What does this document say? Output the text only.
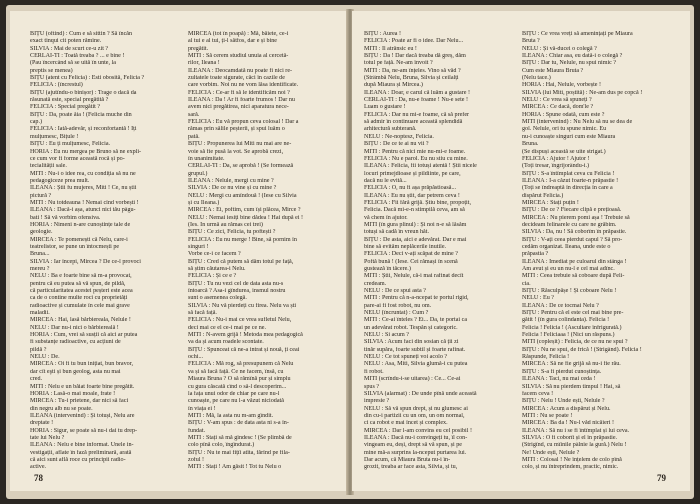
BIȚU (oftind) : Cum e să sittin ? Să încăn
exact tinqui cit poten rămîne.
SILVIA : Mai de scurt ce-u zit ?
CERLAI-TI : Toată treaba ? ... e bine !
(Pau încercând să se uită în unte, la
preptis se menea)
BIȚU (atent cu Felicia) : Esti obosită, Felicia ?
FELICIA : (încrestul)
BIȚU (ajutîndu-o binișor) : Trage o dacă da
răsunată este, special pregătită ?
FELICIA : Special pregătit ?
BIȚU : Da, poate ăia ! (Felicia muche din
cap.)
FELICIA : Iată-adevăr, și reconfortantă ! Îți
mulțumesc, Bițule !
BIȚU : Eu ți mulțumesc, Felicia.
HORIA : Eu nu mergea pe Bruno să ne expli-
ce cum vor fi forme această rocă și po-
tecialității sale.
MITI : Nu-i o idee rea, cu condiția să nu ne
pedagogiceze prea mult.
ILEANA : Știi fu mujeres, Miti ! Ce, nu știi
pictură ?
MITI : Nu totdeauna ! Nemai cînd vorbești !
ILEANA : Dacă-i așa, atunci nici tău pâgu-
bati ! Să vă vorbim ofensiva.
HORIA : Nimeni n-are cunoștințe tale de
geologie.
MIRCEA : Te pomenești că Nelu, care-i
teatrelistor, se pune un întocmești pe
Bruna...
SILVIA : Iar începi, Mircea ? De ce-l provoci
mereu ?
NELU : Ba e foarte bine să m-a provocat,
pentru că eu putea să vă spun, de pildă,
că particularitatea acestei peșteri este acea
ca de o contine multe roci cu proprietăți
radioactive și cumulate în cele mai grave
maladii.
MIRCEA : Hai, lasă bărbiereala, Nelule !
NELU : Dar nu-i nici o bărbiereală !
HORIA : Cum, vrei să susții că aici ar putea
fi substanțe radioactive, cu acțiuni de
pildă ?
NELU : De.
MIRCEA : Oi fi tu bun inițiat, bun bravor,
dar cît eşti și bun geolog, asta nu mai
cred.
MITI : Nelu e un băiat foarte bine pregătit.
HORIA : Lasă-o mai moale, frate !
MIRCEA : Tu-i prietene, dar nici să faci
din negru alb nu se poate.
ILEANA (intervenind) : Și totuși, Nelu are
dreptate !
HORIA : Sigur, se poate să nu-i dai tu drep-
tate lui Nelu ?
ILEANA : Nelu e bine informat. Unele in-
vestigații, aflate în fază preliminară, arată
că aici sunt află roce cu principii radio-
active.
MIRCEA (tot în poapă) : Mă, băiete, ce-i
al tui e al tui, ți-l sătfos, dar e și bine
pregătit.
MITI : Să cerem studiul unuia al cercetă-
rilor, Ileana !
ILEANA : Deocamdată nu poate fi nici re-
zultatele toate sigurate, căci în cazile de
care vorbim. Noi nu ne vom lăsa identificate.
FELICIA : Ce-ar fi să le identificăm noi ?
ILEANA : Da ! Ar fi foarte frumos ! Dar nu
avem nici pregătirea, nici aparatura nece-
sară.
FELICIA : Eu vă propun ceva colosal ! Dar a
rămas prin sălile peșterii, și spui luăm o
pată.
BIȚU : Propunerea lui Miti nu mai are ne-
voie să fie pusă la vot. Se aprobă crezi,
în unanimitate.
CERLAI-TI : Da, se aprobă ! (Se formează
grupul.)
ILEANA : Nelule, mergi cu mine ?
SILVIA : De ce nu vine și cu mine ?
NELU : Mergi cu amîndouă ! (Iese cu Silvia
și cu Ileana.)
MIRCEA : Ei, poftim, cum își plăcea, Mirce ?
NELU : Nemai iesiți bine dădea ! Hai după ei !
(Ies. În urmă au rămas cei trei)
BIȚU : Ce zici, Felicia, tu poftești ?
FELICIA : Eu nu merge ! Bine, să pornim în
singuri !
Vorbe ce-i ce facem ?
BIȚU : Cred că putem să dăm totul pe față,
să știm căutarea-i Nelu.
FELICIA : Și ce e ?
BIȚU : Tu nu vezi cel de data asta nu-s
întoarcă ? Asa-i gîndurea, insmul nostru
sunt o asemenea colegă.
SILVIA : Nu vă pierdeți cu firea. Nelu va ști
să facă față.
FELICIA : Nu-i mai ce vrea sufletul Nelu,
deci mai ce el ce-i mai pe ce ne.
MITI : N-avem grijă ! Metoda mea pedagogică
va da și acum roadele scontate.
BIȚU : Spunceat că ne-a intrat și nouă, ți ceai
ochi...
FELICIA : Mă rog, să presupunem că Nelu
va și să facă față. Ce ne facem, însă, cu
Miaura Bruna ? O să rămînă pur și simplu
cu gura căscată cînd o să-l descoperim...
la fața unui odor de chiar pe care nu-l
cunoaște, pe care nu l-a văzut niciodată
în viața ei !
MITI : Mă, la asta nu m-am gîndit.
BIȚU : V-am spus : de data asta ni s-a în-
fundat.
MITI : Stați să mă gîndesc ! (Se plimbă de
colo pînă colo, îngîndurat.)
BIȚU : Nu te mai fițîi atîta, fărînd pe fila-
zoful !
MITI : Stați ! Am găsit ! Tot tu Nelu o
78
BIȚU : Aurea !
FELICIA : Poate ar fi o idee. Dar Nelu...
MITI : Il atrănsic eu !
BIȚU : Da ! Dar dacă treaba dă greș, dăm
totul pe față. Ne-am învoit ?
MITI : Da, ne-am înțeles. Vino să văd ?
(Strâmbă Nelu, Bruna, Silvia și ceilalți
după Miaura și Mircea.)
ILEANA : Doar, e carul că luăm a gustare !
CERLAI-TI : Da, nu-e foame ! Nu-e sete !
Luam o gustare !
FELICIA : Dar nu mi-e foame, că să prefer
să admir în continuare această splendidă
arhitectură subterană.
NELU : Ne-noptesz, Felicia.
BIȚU : De ce te ai nu vii ?
MITI : Pentru că nici mie nu-mi-e foame.
FELICIA : Nu e parol. Eu nu stiu cu mine.
ILEANA : Felicia, fii totuși atentă ! Știi nicele
locuri primejdioase și pildiinte, pe care,
dacă nu le evită...
FELICIA : O, nu fi așa prăpăstioasă...
ILEANA : Eu nu știt, dar petrem ceva !
FELICIA : Fii fără grijă. Știu bine, propoțit,
Felicia. Dacă mi-e-n stimpilă ceva, am să
vă chem în ajutor.
MITI (în gura plinul) : Și noi n-e să lăsăm
totuși să cadă în vreun hăt.
BIȚU : De asta, aici e adevărat. Dar e mai
bine să evităm neplăcerile inutile.
FELICIA : Deci v-ați scăpat de mine ?
Poftă bună ! (Iese. Cei rămași în scenă
gustează în tăcere.)
MITI : Știi, Nelule, că-i mai rafinat decît
credeam.
NELU : De ce spui asta ?
MITI : Pentru că n-a-ncepat te portul rigid,
pare-ai fi fost robot, nu om.
NELU (încruntat) : Cum ?
MITI : Ce-ai înteles ? Ei... Da, te portai ca
un adevărat robot. Tespăn și categoric.
NELU : Si acum ?
SILVIA : Acum faci din sosian că ții zi
tinăr supăra, foarte subtil și foarte rafinat.
NELU : Ce tot spuneți voi acolo ?
NELU : Asa, Miti, Silvia glumă-i cu putea
fi robot.
MITI (scrîndu-i-se uitarea) : Ce... Ce-ai
spus ?
SILVIA (alarmat) : De unde pînă unde această
impresie ?
NELU : Să vă spun drept, și nu glumesc ai
din cu-i partizii cu un om, un om normal,
ci ca robot e mai încet și complex.
MIRCEA : Dar l-am convins eu cel posibil !
ILEANA : Dacă nu-i convingeți tu, îl con-
vingeam eu, deși, drept să vă spun, și pe
mine mă-a surprins la-nceput purtarea lui.
Dar acum, că Miaura Bruta nu-i în-
grozit, treaba ar face asta, Silvia, și tu,
BIȚU : Ce vrea vreți să amenințați pe Miaura
Bruta ?
NELU : Și vă-ducei o colegă ?
ILEANA : Chiar asa, eu dată-i o colegă ?
BIȚU : Dar tu, Nelule, nu spui nimic ?
Cum este Miaura Bruta ?
(Nelu tace.)
HORIA : Hai, Nelule, vorbește !
SILVIA (lui Miti, poștită) : Ne-am dus pe copcă !
NELU : Ce vrea să spuneți ?
MIRCEA : Ce dacă, dom'le ?
HORIA : Spune odată, cum este ?
MITI (intervenind) : Nu Nelu să nu se dea de
gol. Nelule, ori tu spune nimic. Eu
nu-i cunoaște singuri cum este Miaura
Bruna.
(Se dispuși această se uite strigat.)
FELICIA : Ajutor ! Ajutor !
(Toți tresar, îngrijorându-i.)
BIȚU : S-a întîmplat ceva cu Felicia !
ILEANA : I-a căzut foarte-n prăpastie !
(Toți se îndreaptă în direcția în care a
dispărut Felicia.)
MIRCEA : Stați puțin !
BIȚU : De ce ? Fiecare clipă e prețioasă.
MIRCEA : Nu pierem pomi așa ! Trebuie să
decideam felinarele cu care ne grăbim.
SILVIA : Da, nu ! Să coborîm în prăpastie.
BIȚU : V-ați ceea pierdut capul ? Să pro-
cedăm organizat. Ileana, unde este o
prăpastia ?
ILEANA : Imediat pe culoarul din stânga !
Am avut și eu un nu-l e cel mai adînc.
MITI : Ceea trebuie să coboare după Feli-
cia.
BIȚU : Răsculpășe ! Și coboare Nelu !
NELU : Eu ?
ILEANA : De ce tocmai Nelu ?
BIȚU : Pentru că el este cel mai bine pre-
gătit ! (în gura colindanta). Felicia !
Felicia ! Felicia ! (Ascultare înfrigurată.)
Felicia ! Feliciaaa ! (Nici un răspuns.)
MITI (copleșit) : Felicia, de ce nu ne spui ?
BIȚU : Nu ne spui, de frică ! (Strigând). Felicia !
Răspunde, Felicia !
MIRCEA : Să ne fie grijă să nu-i fie rău.
BIȚU : S-a fi pierdut cunoștința.
ILEANA : Taci, nu mai ceda !
SILVIA : Să nu pierdem timpul ! Hai, să
facem ceva !
BIȚU : Nelu ! Unde ești, Nelule ?
MIRCEA : Acum a dispărut și Nelu.
MITI : Nu se poate !
MIRCEA : Ba da ! Nu-l văd nicăieri !
ILEANA : Să nu i se fi întîmplat și lui ceva.
SILVIA : O fi coborît și el în prăpastie.
(Strigînd, cu mîinile pâlnie la gură.) Nelu !
Ne! Unde ești, Nelule ?
MITI : Colosal ! Ne înțelem de colo pînă
colo, și nu întreprindem, practic, nimic.
79
